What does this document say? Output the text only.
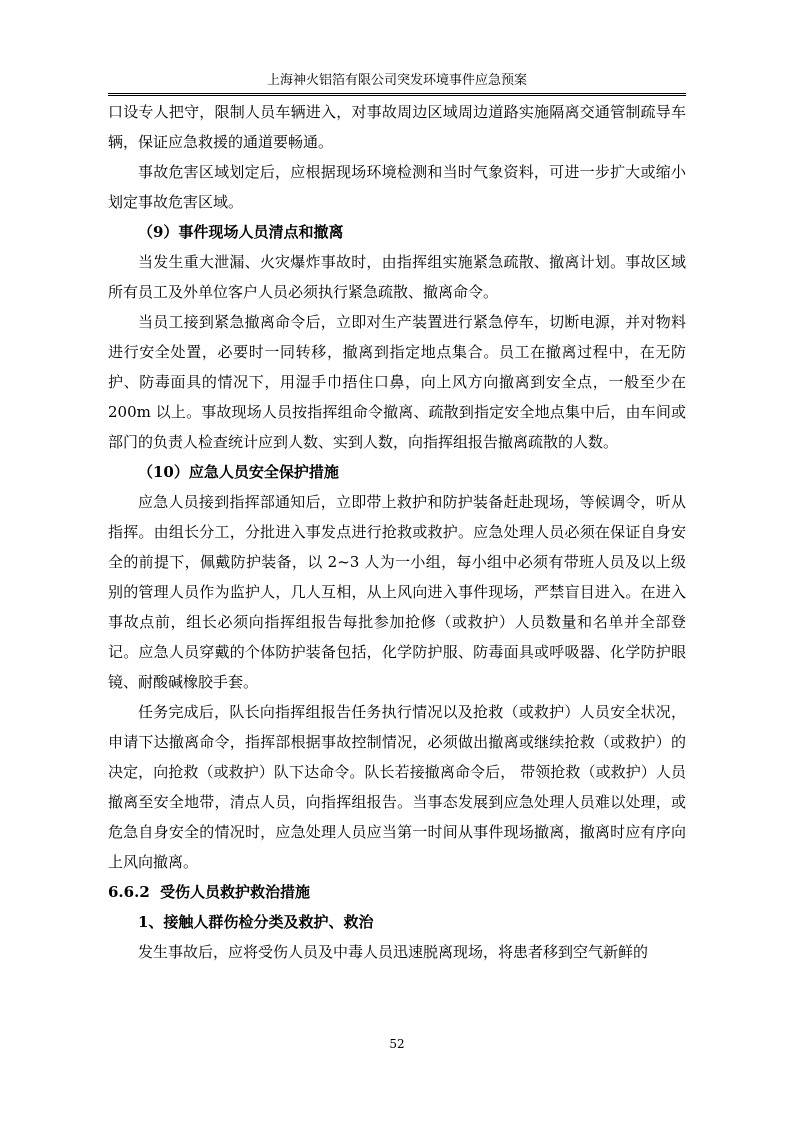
上海神火铝箔有限公司突发环境事件应急预案

口设专人把守，限制人员车辆进入，对事故周边区域周边道路实施隔离交通管制疏导车辆，保证应急救援的通道要畅通。

事故危害区域划定后，应根据现场环境检测和当时气象资料，可进一步扩大或缩小划定事故危害区域。

（9）事件现场人员清点和撤离

当发生重大泄漏、火灾爆炸事故时，由指挥组实施紧急疏散、撤离计划。事故区域所有员工及外单位客户人员必须执行紧急疏散、撤离命令。

当员工接到紧急撤离命令后，立即对生产装置进行紧急停车，切断电源，并对物料进行安全处置，必要时一同转移，撤离到指定地点集合。员工在撤离过程中，在无防护、防毒面具的情况下，用湿手巾捂住口鼻，向上风方向撤离到安全点，一般至少在 200m 以上。事故现场人员按指挥组命令撤离、疏散到指定安全地点集中后，由车间或部门的负责人检查统计应到人数、实到人数，向指挥组报告撤离疏散的人数。

（10）应急人员安全保护措施

应急人员接到指挥部通知后，立即带上救护和防护装备赶赴现场，等候调令，听从指挥。由组长分工，分批进入事发点进行抢救或救护。应急处理人员必须在保证自身安全的前提下，佩戴防护装备，以 2~3 人为一小组，每小组中必须有带班人员及以上级别的管理人员作为监护人，几人互相，从上风向进入事件现场，严禁盲目进入。在进入事故点前，组长必须向指挥组报告每批参加抢修（或救护）人员数量和名单并全部登记。应急人员穿戴的个体防护装备包括，化学防护服、防毒面具或呼吸器、化学防护眼镜、耐酸碱橡胶手套。

任务完成后，队长向指挥组报告任务执行情况以及抢救（或救护）人员安全状况，申请下达撤离命令，指挥部根据事故控制情况，必须做出撤离或继续抢救（或救护）的决定，向抢救（或救护）队下达命令。队长若接撤离命令后， 带领抢救（或救护）人员撤离至安全地带，清点人员，向指挥组报告。当事态发展到应急处理人员难以处理，或危急自身安全的情况时，应急处理人员应当第一时间从事件现场撤离，撤离时应有序向上风向撤离。

6.6.2 受伤人员救护救治措施

1、接触人群伤检分类及救护、救治

发生事故后，应将受伤人员及中毒人员迅速脱离现场，将患者移到空气新鲜的

52
